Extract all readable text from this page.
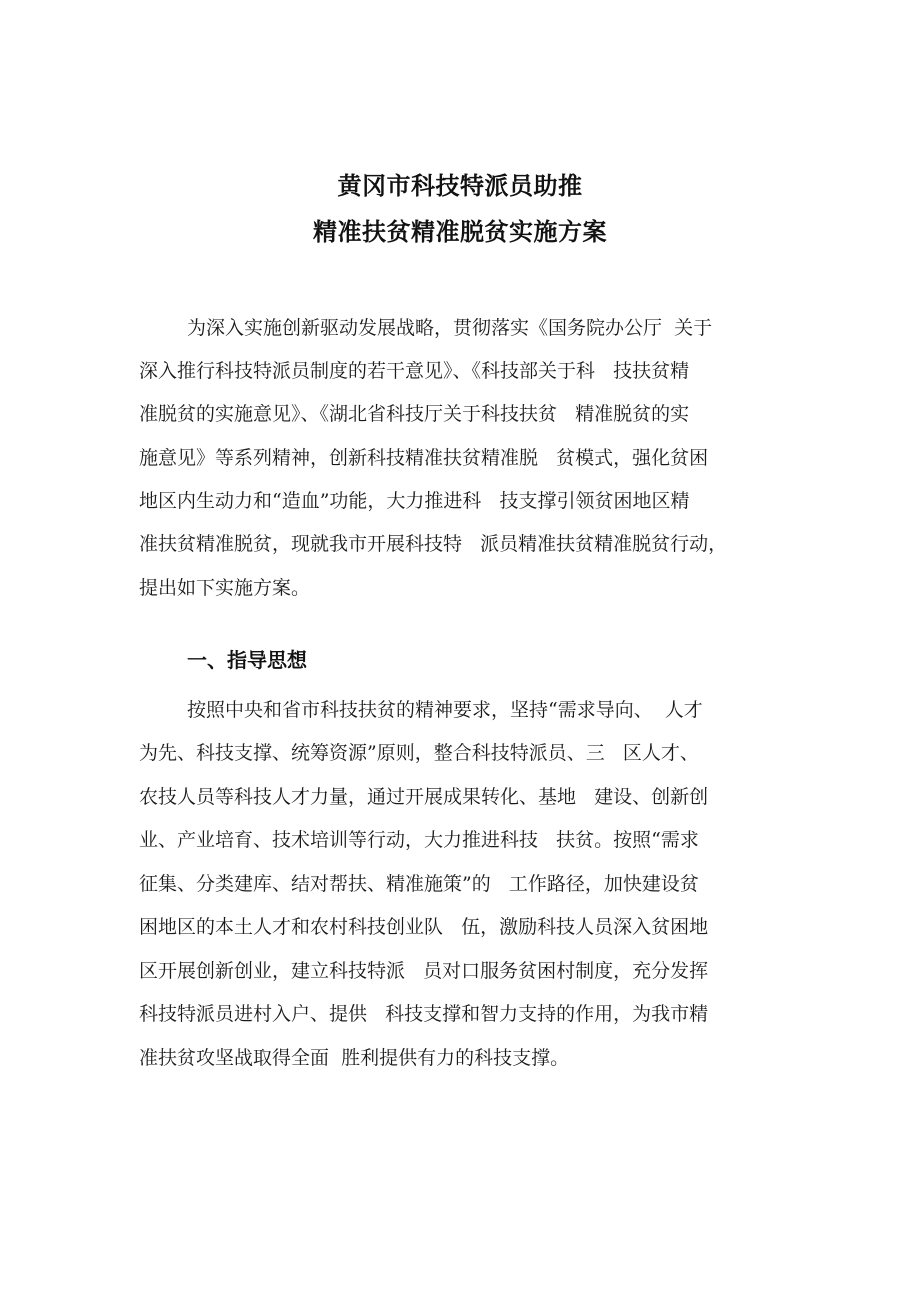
黄冈市科技特派员助推
精准扶贫精准脱贫实施方案
为深入实施创新驱动发展战略，贯彻落实《国务院办公厅  关于
深入推行科技特派员制度的若干意见》、《科技部关于科   技扶贫精
准脱贫的实施意见》、《湖北省科技厅关于科技扶贫   精准脱贫的实
施意见》等系列精神，创新科技精准扶贫精准脱   贫模式，强化贫困
地区内生动力和“造血”功能，大力推进科   技支撑引领贫困地区精
准扶贫精准脱贫，现就我市开展科技特   派员精准扶贫精准脱贫行动，
提出如下实施方案。
一、指导思想
按照中央和省市科技扶贫的精神要求，坚持“需求导向、  人才
为先、科技支撑、统筹资源”原则，整合科技特派员、三   区人才、
农技人员等科技人才力量，通过开展成果转化、基地   建设、创新创
业、产业培育、技术培训等行动，大力推进科技   扶贫。按照“需求
征集、分类建库、结对帮扶、精准施策”的   工作路径，加快建设贫
困地区的本土人才和农村科技创业队   伍，激励科技人员深入贫困地
区开展创新创业，建立科技特派   员对口服务贫困村制度，充分发挥
科技特派员进村入户、提供   科技支撑和智力支持的作用，为我市精
准扶贫攻坚战取得全面  胜利提供有力的科技支撑。
